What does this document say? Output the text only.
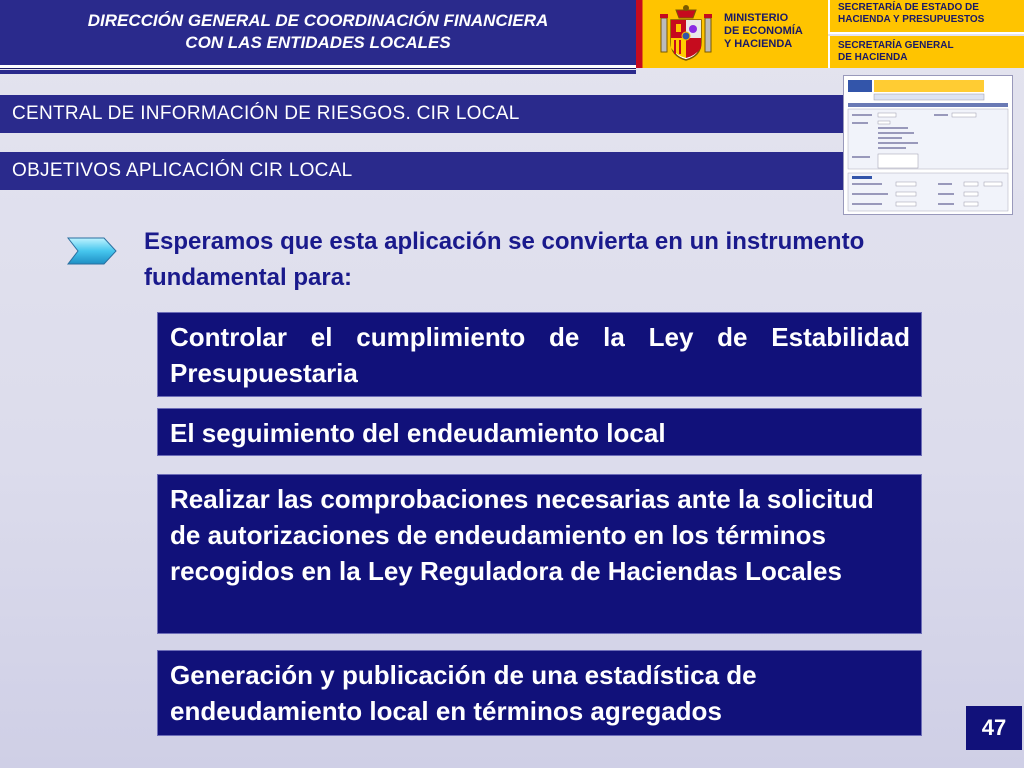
DIRECCIÓN GENERAL DE COORDINACIÓN FINANCIERA
CON LAS ENTIDADES LOCALES
MINISTERIO
DE ECONOMÍA
Y HACIENDA
SECRETARÍA DE ESTADO DE
HACIENDA Y PRESUPUESTOS
SECRETARÍA GENERAL
DE HACIENDA
CENTRAL DE INFORMACIÓN DE RIESGOS. CIR LOCAL
OBJETIVOS APLICACIÓN CIR LOCAL
Esperamos que esta aplicación se convierta en un instrumento fundamental para:
Controlar el cumplimiento de la Ley de Estabilidad Presupuestaria
El seguimiento del endeudamiento local
Realizar las comprobaciones necesarias ante la solicitud de autorizaciones de endeudamiento en los términos recogidos en la Ley Reguladora de Haciendas Locales
Generación y publicación de una estadística de endeudamiento local en términos agregados
47
